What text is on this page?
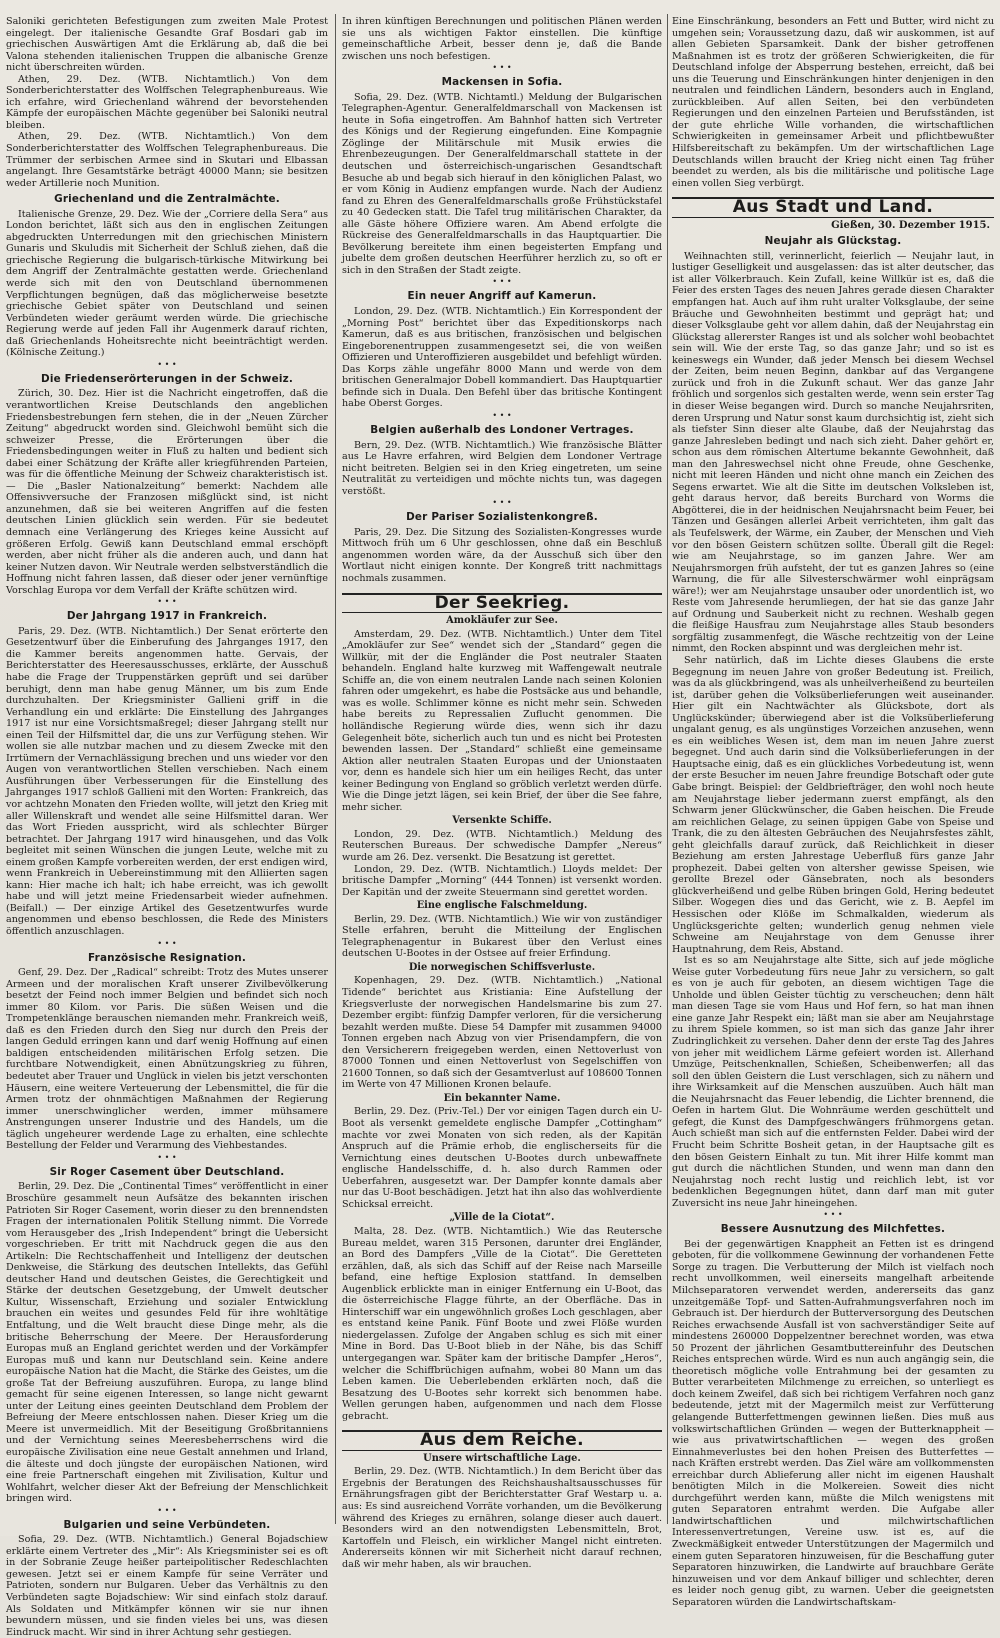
Saloniki gerichteten Befestigungen zum zweiten Male Protest eingelegt. Der italienische Gesandte Graf Bosdari gab im griechischen Auswärtigen Amt die Erklärung ab, daß die bei Valona stehenden italienischen Truppen die albanische Grenze nicht überschreiten würden.

Athen, 29. Dez. (WTB. Nichtamtlich.) Von dem Sonderberichterstatter des Wolffschen Telegraphenbureaus. Wie ich erfahre, wird Griechenland während der bevorstehenden Kämpfe der europäischen Mächte gegenüber bei Saloniki neutral bleiben.

Athen, 29. Dez. (WTB. Nichtamtlich.) Von dem Sonderberichterstatter des Wolffschen Telegraphenbureaus. Die Trümmer der serbischen Armee sind in Skutari und Elbassan angelangt. Ihre Gesamtstärke beträgt 40000 Mann; sie besitzen weder Artillerie noch Munition.

Griechenland und die Zentralmächte.

Italienische Grenze, 29. Dez. Wie der „Corriere della Sera“ aus London berichtet, läßt sich aus den in englischen Zeitungen abgedruckten Unterredungen mit den griechischen Ministern Gunaris und Skuludis mit Sicherheit der Schluß ziehen, daß die griechische Regierung die bulgarisch-türkische Mitwirkung bei dem Angriff der Zentralmächte gestatten werde. Griechenland werde sich mit den von Deutschland übernommenen Verpflichtungen begnügen, daß das möglicherweise besetzte griechische Gebiet später von Deutschland und seinen Verbündeten wieder geräumt werden würde. Die griechische Regierung werde auf jeden Fall ihr Augenmerk darauf richten, daß Griechenlands Hoheitsrechte nicht beeinträchtigt werden. (Kölnische Zeitung.)

• • •
Die Friedenserörterungen in der Schweiz.

Zürich, 30. Dez. Hier ist die Nachricht eingetroffen, daß die verantwortlichen Kreise Deutschlands den angeblichen Friedensbestrebungen fern stehen, die in der „Neuen Zürcher Zeitung“ abgedruckt worden sind. Gleichwohl bemüht sich die schweizer Presse, die Erörterungen über die Friedensbedingungen weiter in Fluß zu halten und bedient sich dabei einer Schätzung der Kräfte aller kriegführenden Parteien, was für die öffentliche Meinung der Schweiz charakteristisch ist. — Die „Basler Nationalzeitung“ bemerkt: Nachdem alle Offensivversuche der Franzosen mißglückt sind, ist nicht anzunehmen, daß sie bei weiteren Angriffen auf die festen deutschen Linien glücklich sein werden. Für sie bedeutet demnach eine Verlängerung des Krieges keine Aussicht auf größeren Erfolg. Gewiß kann Deutschland emmal erschöpft werden, aber nicht früher als die anderen auch, und dann hat keiner Nutzen davon. Wir Neutrale werden selbstverständlich die Hoffnung nicht fahren lassen, daß dieser oder jener vernünftige Vorschlag Europa vor dem Verfall der Kräfte schützen wird.

• • •
Der Jahrgang 1917 in Frankreich.

Paris, 29. Dez. (WTB. Nichtamtlich.) Der Senat erörterte den Gesetzentwurf über die Einberufung des Jahrganges 1917, den die Kammer bereits angenommen hatte. Gervais, der Berichterstatter des Heeresausschusses, erklärte, der Ausschuß habe die Frage der Truppenstärken geprüft und sei darüber beruhigt, denn man habe genug Männer, um bis zum Ende durchzuhalten. Der Kriegsminister Gallieni griff in die Verhandlung ein und erklärte: Die Einstellung des Jahrganges 1917 ist nur eine Vorsichtsmaßregel; dieser Jahrgang stellt nur einen Teil der Hilfsmittel dar, die uns zur Verfügung stehen. Wir wollen sie alle nutzbar machen und zu diesem Zwecke mit den Irrtümern der Vernachlässigung brechen und uns wieder vor den Augen von verantwortlichen Stellen verschieben. Nach einem Ausführungen über Verbesserungen für die Einstellung des Jahrganges 1917 schloß Gallieni mit den Worten: Frankreich, das vor achtzehn Monaten den Frieden wollte, will jetzt den Krieg mit aller Willenskraft und wendet alle seine Hilfsmittel daran. Wer das Wort Frieden ausspricht, wird als schlechter Bürger betrachtet. Der Jahrgang 1917 wird hinausgehen, und das Volk begleitet mit seinen Wünschen die jungen Leute, welche mit zu einem großen Kampfe vorbereiten werden, der erst endigen wird, wenn Frankreich in Uebereinstimmung mit den Alliierten sagen kann: Hier mache ich halt; ich habe erreicht, was ich gewollt habe und will jetzt meine Friedensarbeit wieder aufnehmen. (Beifall.) — Der einzige Artikel des Gesetzentwurfes wurde angenommen und ebenso beschlossen, die Rede des Ministers öffentlich anzuschlagen.

• • •
Französische Resignation.

Genf, 29. Dez. Der „Radical“ schreibt: Trotz des Mutes unserer Armeen und der moralischen Kraft unserer Zivilbevölkerung besetzt der Feind noch immer Belgien und befindet sich noch immer 80 Kilom. vor Paris. Die süßen Weisen und die Trompetenklänge berauschen niemanden mehr. Frankreich weiß, daß es den Frieden durch den Sieg nur durch den Preis der langen Geduld erringen kann und darf wenig Hoffnung auf einen baldigen entscheidenden militärischen Erfolg setzen. Die furchtbare Notwendigkeit, einen Abnützungskrieg zu führen, bedeutet aber Trauer und Unglück in vielen bis jetzt verschonten Häusern, eine weitere Verteuerung der Lebensmittel, die für die Armen trotz der ohnmächtigen Maßnahmen der Regierung immer unerschwinglicher werden, immer mühsamere Anstrengungen unserer Industrie und des Handels, um die täglich ungeheurer werdende Lage zu erhalten, eine schlechte Bestellung der Felder und Verarmung des Viehbestandes.

• • •
Sir Roger Casement über Deutschland.

Berlin, 29. Dez. Die „Continental Times“ veröffentlicht in einer Broschüre gesammelt neun Aufsätze des bekannten irischen Patrioten Sir Roger Casement, worin dieser zu den brennendsten Fragen der internationalen Politik Stellung nimmt. Die Vorrede vom Herausgeber des „Irish Independent“ bringt die Uebersicht vorgeschrieben. Er tritt mit Nachdruck gegen die aus den Artikeln: Die Rechtschaffenheit und Intelligenz der deutschen Denkweise, die Stärkung des deutschen Intellekts, das Gefühl deutscher Hand und deutschen Geistes, die Gerechtigkeit und Stärke der deutschen Gesetzgebung, der Umwelt deutscher Kultur, Wissenschaft, Erziehung und sozialer Entwicklung brauchen ein weites und gesundes Feld für ihre wohltätige Entfaltung, und die Welt braucht diese Dinge mehr, als die britische Beherrschung der Meere. Der Herausforderung Europas muß an England gerichtet werden und der Vorkämpfer Europas muß und kann nur Deutschland sein. Keine andere europäische Nation hat die Macht, die Stärke des Geistes, um die große Tat der Befreiung auszuführen. Europa, zu lange blind gemacht für seine eigenen Interessen, so lange nicht gewarnt unter der Leitung eines geeinten Deutschland dem Problem der Befreiung der Meere entschlossen nahen. Dieser Krieg um die Meere ist unvermeidlich. Mit der Beseitigung Großbritanniens und der Vernichtung seines Meeresbeherrschens wird die europäische Zivilisation eine neue Gestalt annehmen und Irland, die älteste und doch jüngste der europäischen Nationen, wird eine freie Partnerschaft eingehen mit Zivilisation, Kultur und Wohlfahrt, welcher dieser Akt der Befreiung der Menschlichkeit bringen wird.

• • •
Bulgarien und seine Verbündeten.

Sofia, 29. Dez. (WTB. Nichtamtlich.) General Bojadschiew erklärte einem Vertreter des „Mir“: Als Kriegsminister sei es oft in der Sobranie Zeuge heißer parteipolitischer Redeschlachten gewesen. Jetzt sei er einem Kampfe für seine Verräter und Patrioten, sondern nur Bulgaren. Ueber das Verhältnis zu den Verbündeten sagte Bojadschiew: Wir sind einfach stolz darauf. Als Soldaten und Mitkämpfer können wir sie nur ihnen bewundern müssen, und sie finden vieles bei uns, was diesen Eindruck macht. Wir sind in ihrer Achtung sehr gestiegen.

In ihren künftigen Berechnungen und politischen Plänen werden sie uns als wichtigen Faktor einstellen. Die künftige gemeinschaftliche Arbeit, besser denn je, daß die Bande zwischen uns noch befestigen.

• • •
Mackensen in Sofia.

Sofia, 29. Dez. (WTB. Nichtamtl.) Meldung der Bulgarischen Telegraphen-Agentur. Generalfeldmarschall von Mackensen ist heute in Sofia eingetroffen. Am Bahnhof hatten sich Vertreter des Königs und der Regierung eingefunden. Eine Kompagnie Zöglinge der Militärschule mit Musik erwies die Ehrenbezeugungen. Der Generalfeldmarschall stattete in der deutschen und österreichisch-ungarischen Gesandtschaft Besuche ab und begab sich hierauf in den königlichen Palast, wo er vom König in Audienz empfangen wurde. Nach der Audienz fand zu Ehren des Generalfeldmarschalls große Frühstückstafel zu 40 Gedecken statt. Die Tafel trug militärischen Charakter, da alle Gäste höhere Offiziere waren. Am Abend erfolgte die Rückreise des Generalfeldmarschalls in das Hauptquartier. Die Bevölkerung bereitete ihm einen begeisterten Empfang und jubelte dem großen deutschen Heerführer herzlich zu, so oft er sich in den Straßen der Stadt zeigte.

• • •
Ein neuer Angriff auf Kamerun.

London, 29. Dez. (WTB. Nichtamtlich.) Ein Korrespondent der „Morning Post“ berichtet über das Expeditionskorps nach Kamerun, daß es aus britischen, französischen und belgischen Eingeborenentruppen zusammengesetzt sei, die von weißen Offizieren und Unteroffizieren ausgebildet und befehligt würden. Das Korps zähle ungefähr 8000 Mann und werde von dem britischen Generalmajor Dobell kommandiert. Das Hauptquartier befinde sich in Duala. Den Befehl über das britische Kontingent habe Oberst Gorges.

• • •
Belgien außerhalb des Londoner Vertrages.

Bern, 29. Dez. (WTB. Nichtamtlich.) Wie französische Blätter aus Le Havre erfahren, wird Belgien dem Londoner Vertrage nicht beitreten. Belgien sei in den Krieg eingetreten, um seine Neutralität zu verteidigen und möchte nichts tun, was dagegen verstößt.

• • •
Der Pariser Sozialistenkongreß.

Paris, 29. Dez. Die Sitzung des Sozialisten-Kongresses wurde Mittwoch früh um 6 Uhr geschlossen, ohne daß ein Beschluß angenommen worden wäre, da der Ausschuß sich über den Wortlaut nicht einigen konnte. Der Kongreß tritt nachmittags nochmals zusammen.

Der Seekrieg.
Amokläufer zur See.

Amsterdam, 29. Dez. (WTB. Nichtamtlich.) Unter dem Titel „Amokläufer zur See“ wendet sich der „Standard“ gegen die Willkür, mit der die Engländer die Post neutraler Staaten behandeln. England halte kurzweg mit Waffengewalt neutrale Schiffe an, die von einem neutralen Lande nach seinen Kolonien fahren oder umgekehrt, es habe die Postsäcke aus und behandle, was es wolle. Schlimmer könne es nicht mehr sein. Schweden habe bereits zu Repressalien Zuflucht genommen. Die holländische Regierung würde dies, wenn sich ihr dazu Gelegenheit böte, sicherlich auch tun und es nicht bei Protesten bewenden lassen. Der „Standard“ schließt eine gemeinsame Aktion aller neutralen Staaten Europas und der Unionstaaten vor, denn es handele sich hier um ein heiliges Recht, das unter keiner Bedingung von England so gröblich verletzt werden dürfe. Wie die Dinge jetzt lägen, sei kein Brief, der über die See fahre, mehr sicher.

Versenkte Schiffe.

London, 29. Dez. (WTB. Nichtamtlich.) Meldung des Reuterschen Bureaus. Der schwedische Dampfer „Nereus“ wurde am 26. Dez. versenkt. Die Besatzung ist gerettet.

London, 29. Dez. (WTB. Nichtamtlich.) Lloyds meldet: Der britische Dampfer „Morning“ (444 Tonnen) ist versenkt worden. Der Kapitän und der zweite Steuermann sind gerettet worden.

Eine englische Falschmeldung.

Berlin, 29. Dez. (WTB. Nichtamtlich.) Wie wir von zuständiger Stelle erfahren, beruht die Mitteilung der Englischen Telegraphenagentur in Bukarest über den Verlust eines deutschen U-Bootes in der Ostsee auf freier Erfindung.

Die norwegischen Schiffsverluste.

Kopenhagen, 29. Dez. (WTB. Nichtamtlich.) „National Tidende“ berichtet aus Kristiania: Eine Aufstellung der Kriegsverluste der norwegischen Handelsmarine bis zum 27. Dezember ergibt: fünfzig Dampfer verloren, für die versicherung bezahlt werden mußte. Diese 54 Dampfer mit zusammen 94000 Tonnen ergeben nach Abzug von vier Prisendampfern, die von den Versicherern freigegeben werden, einen Nettoverlust von 87000 Tonnen und einen Nettoverlust von Segelschiffen von 21600 Tonnen, so daß sich der Gesamtverlust auf 108600 Tonnen im Werte von 47 Millionen Kronen belaufe.

Ein bekannter Name.

Berlin, 29. Dez. (Priv.-Tel.) Der vor einigen Tagen durch ein U-Boot als versenkt gemeldete englische Dampfer „Cottingham“ machte vor zwei Monaten von sich reden, als der Kapitän Anspruch auf die Prämie erhob, die englischerseits für die Vernichtung eines deutschen U-Bootes durch unbewaffnete englische Handelsschiffe, d. h. also durch Rammen oder Ueberfahren, ausgesetzt war. Der Dampfer konnte damals aber nur das U-Boot beschädigen. Jetzt hat ihn also das wohlverdiente Schicksal erreicht.

„Ville de la Ciotat“.

Malta, 28. Dez. (WTB. Nichtamtlich.) Wie das Reutersche Bureau meldet, waren 315 Personen, darunter drei Engländer, an Bord des Dampfers „Ville de la Ciotat“. Die Geretteten erzählen, daß, als sich das Schiff auf der Reise nach Marseille befand, eine heftige Explosion stattfand. In demselben Augenblick erblickte man in einiger Entfernung ein U-Boot, das die österreichische Flagge führte, an der Oberfläche. Das in Hinterschiff war ein ungewöhnlich großes Loch geschlagen, aber es entstand keine Panik. Fünf Boote und zwei Flöße wurden niedergelassen. Zufolge der Angaben schlug es sich mit einer Mine in Bord. Das U-Boot blieb in der Nähe, bis das Schiff untergegangen war. Später kam der britische Dampfer „Heros“, welcher die Schiffbrüchigen aufnahm, wobei 80 Mann um das Leben kamen. Die Ueberlebenden erklärten noch, daß die Besatzung des U-Bootes sehr korrekt sich benommen habe. Wellen gerungen haben, aufgenommen und nach dem Flosse gebracht.

Aus dem Reiche.
Unsere wirtschaftliche Lage.

Berlin, 29. Dez. (WTB. Nichtamtlich.) In dem Bericht über das Ergebnis der Beratungen des Reichshaushaltsausschusses für Ernährungsfragen gibt der Berichterstatter Graf Westarp u. a. aus: Es sind ausreichend Vorräte vorhanden, um die Bevölkerung während des Krieges zu ernähren, solange dieser auch dauert. Besonders wird an den notwendigsten Lebensmitteln, Brot, Kartoffeln und Fleisch, ein wirklicher Mangel nicht eintreten. Andererseits können wir mit Sicherheit nicht darauf rechnen, daß wir mehr haben, als wir brauchen.

Eine Einschränkung, besonders an Fett und Butter, wird nicht zu umgehen sein; Voraussetzung dazu, daß wir auskommen, ist auf allen Gebieten Sparsamkeit. Dank der bisher getroffenen Maßnahmen ist es trotz der größeren Schwierigkeiten, die für Deutschland infolge der Absperrung bestehen, erreicht, daß bei uns die Teuerung und Einschränkungen hinter denjenigen in den neutralen und feindlichen Ländern, besonders auch in England, zurückbleiben. Auf allen Seiten, bei den verbündeten Regierungen und den einzelnen Parteien und Berufsständen, ist der gute ehrliche Wille vorhanden, die wirtschaftlichen Schwierigkeiten in gemeinsamer Arbeit und pflichtbewußter Hilfsbereitschaft zu bekämpfen. Um der wirtschaftlichen Lage Deutschlands willen braucht der Krieg nicht einen Tag früher beendet zu werden, als bis die militärische und politische Lage einen vollen Sieg verbürgt.

Aus Stadt und Land.
Gießen, 30. Dezember 1915.
Neujahr als Glückstag.

Weihnachten still, verinnerlicht, feierlich — Neujahr laut, in lustiger Geselligkeit und ausgelassen: das ist alter deutscher, das ist aller Völkerbrauch. Kein Zufall, keine Willkür ist es, daß die Feier des ersten Tages des neuen Jahres gerade diesen Charakter empfangen hat. Auch auf ihm ruht uralter Volksglaube, der seine Bräuche und Gewohnheiten bestimmt und geprägt hat; und dieser Volksglaube geht vor allem dahin, daß der Neujahrstag ein Glückstag allererster Ranges ist und als solcher wohl beobachtet sein will. Wie der erste Tag, so das ganze Jahr; und so ist es keineswegs ein Wunder, daß jeder Mensch bei diesem Wechsel der Zeiten, beim neuen Beginn, dankbar auf das Vergangene zurück und froh in die Zukunft schaut. Wer das ganze Jahr fröhlich und sorgenlos sich gestalten werde, wenn sein erster Tag in dieser Weise begangen wird. Durch so manche Neujahrsriten, deren Ursprung und Natur sonst kaum durchsichtig ist, zieht sich als tiefster Sinn dieser alte Glaube, daß der Neujahrstag das ganze Jahresleben bedingt und nach sich zieht. Daher gehört er, schon aus dem römischen Altertume bekannte Gewohnheit, daß man den Jahreswechsel nicht ohne Freude, ohne Geschenke, nicht mit leeren Händen und nicht ohne manch ein Zeichen des Segens erwartet. Wie alt die Sitte im deutschen Volksleben ist, geht daraus hervor, daß bereits Burchard von Worms die Abgötterei, die in der heidnischen Neujahrsnacht beim Feuer, bei Tänzen und Gesängen allerlei Arbeit verrichteten, ihm galt das als Teufelswerk, der Wärme, ein Zauber, der Menschen und Vieh vor den bösen Geistern schützen sollte. Überall gilt die Regel: wie am Neujahrstage, so im ganzen Jahre. Wer am Neujahrsmorgen früh aufsteht, der tut es ganzen Jahres so (eine Warnung, die für alle Silvesterschwärmer wohl einprägsam wäre!); wer am Neujahrstage unsauber oder unordentlich ist, wo Reste vom Jahresende herumliegen, der hat sie das ganze Jahr auf Ordnung und Sauberkeit nicht zu rechnen. Weshalb gegen die fleißige Hausfrau zum Neujahrstage alles Staub besonders sorgfältig zusammenfegt, die Wäsche rechtzeitig von der Leine nimmt, den Rocken abspinnt und was dergleichen mehr ist.

Sehr natürlich, daß im Lichte dieses Glaubens die erste Begegnung im neuen Jahre von großer Bedeutung ist. Freilich, was da als glückbringend, was als unheilverheißend zu beurteilen ist, darüber gehen die Volksüberlieferungen weit auseinander. Hier gilt ein Nachtwächter als Glücksbote, dort als Unglückskünder; überwiegend aber ist die Volksüberlieferung ungalant genug, es als ungünstiges Vorzeichen anzusehen, wenn es ein weibliches Wesen ist, dem man im neuen Jahre zuerst begegnet. Und auch darin sind die Volksüberlieferungen in der Hauptsache einig, daß es ein glückliches Vorbedeutung ist, wenn der erste Besucher im neuen Jahre freundige Botschaft oder gute Gabe bringt. Beispiel: der Geldbriefträger, den wohl noch heute am Neujahrstage lieber jedermann zuerst empfängt, als den Schwarm jener Glückwünscher, die Gaben heischen. Die Freude am reichlichen Gelage, zu seinen üppigen Gabe von Speise und Trank, die zu den ältesten Gebräuchen des Neujahrsfestes zählt, geht gleichfalls darauf zurück, daß Reichlichkeit in dieser Beziehung am ersten Jahrestage Ueberfluß fürs ganze Jahr prophezeit. Dabei gelten von altersher gewisse Speisen, wie gerollte Brezel oder Gänsebraten, noch als besonders glückverheißend und gelbe Rüben bringen Gold, Hering bedeutet Silber. Wogegen dies und das Gericht, wie z. B. Aepfel im Hessischen oder Klöße im Schmalkalden, wiederum als Unglücksgerichte gelten; wunderlich genug nehmen viele Schweine am Neujahrstage von dem Genusse ihrer Hauptnahrung, dem Reis, Abstand.

Ist es so am Neujahrstage alte Sitte, sich auf jede mögliche Weise guter Vorbedeutung fürs neue Jahr zu versichern, so galt es von je auch für geboten, an diesem wichtigen Tage die Unholde und üblen Geister tüchtig zu verscheuchen; denn hält man diesen Tage sie vom Haus und Hof fern, so hat man ihnen eine ganze Jahr Respekt ein; läßt man sie aber am Neujahrstage zu ihrem Spiele kommen, so ist man sich das ganze Jahr ihrer Zudringlichkeit zu versehen. Daher denn der erste Tag des Jahres von jeher mit weidlichem Lärme gefeiert worden ist. Allerhand Umzüge, Peitschenknallen, Schießen, Scheibenwerfen; all das soll den üblen Geistern die Lust verschlagen, sich zu nähern und ihre Wirksamkeit auf die Menschen auszuüben. Auch hält man die Neujahrsnacht das Feuer lebendig, die Lichter brennend, die Oefen in hartem Glut. Die Wohnräume werden geschüttelt und gefegt, die Kunst des Dampfgeschwängers frühmorgens getan. Auch schießt man sich auf die entfernsten Felder. Dabei wird der Frucht beim Schritte Bosheit getan, in der Hauptsache gilt es den bösen Geistern Einhalt zu tun. Mit ihrer Hilfe kommt man gut durch die nächtlichen Stunden, und wenn man dann den Neujahrstag noch recht lustig und reichlich lebt, ist vor bedenklichen Begegnungen hütet, dann darf man mit guter Zuversicht ins neue Jahr hineingehen.

• • •
Bessere Ausnutzung des Milchfettes.

Bei der gegenwärtigen Knappheit an Fetten ist es dringend geboten, für die vollkommene Gewinnung der vorhandenen Fette Sorge zu tragen. Die Verbutterung der Milch ist vielfach noch recht unvollkommen, weil einerseits mangelhaft arbeitende Milchseparatoren verwendet werden, andererseits das ganz unzeitgemäße Topf- und Satten-Aufrahmungsverfahren noch im Gebrauch ist. Der hierdurch der Butterversorgung des Deutschen Reiches erwachsende Ausfall ist von sachverständiger Seite auf mindestens 260000 Doppelzentner berechnet worden, was etwa 50 Prozent der jährlichen Gesamtbuttereinfuhr des Deutschen Reiches entsprechen würde. Wird es nun auch angängig sein, die theoretisch mögliche volle Entrahmung bei der gesamten zu Butter verarbeiteten Milchmenge zu erreichen, so unterliegt es doch keinem Zweifel, daß sich bei richtigem Verfahren noch ganz bedeutende, jetzt mit der Magermilch meist zur Verfütterung gelangende Butterfettmengen gewinnen ließen. Dies muß aus volkswirtschaftlichen Gründen — wegen der Butterknappheit — wie aus privatwirtschaftlichen — wegen des großen Einnahmeverlustes bei den hohen Preisen des Butterfettes — nach Kräften erstrebt werden. Das Ziel wäre am vollkommensten erreichbar durch Ablieferung aller nicht im eigenen Haushalt benötigten Milch in die Molkereien. Soweit dies nicht durchgeführt werden kann, müßte die Milch wenigstens mit guten Separatoren entrahmt werden. Die Aufgabe aller landwirtschaftlichen und milchwirtschaftlichen Interessenvertretungen, Vereine usw. ist es, auf die Zweckmäßigkeit entweder Unterstützungen der Magermilch und einem guten Separatoren hinzuweisen, für die Beschaffung guter Separatoren hinzuwirken, die Landwirte auf brauchbare Geräte hinzuweisen und vor dem Ankauf billiger und schlechter, deren es leider noch genug gibt, zu warnen. Ueber die geeignetsten Separatoren würden die Landwirtschaftskam-
